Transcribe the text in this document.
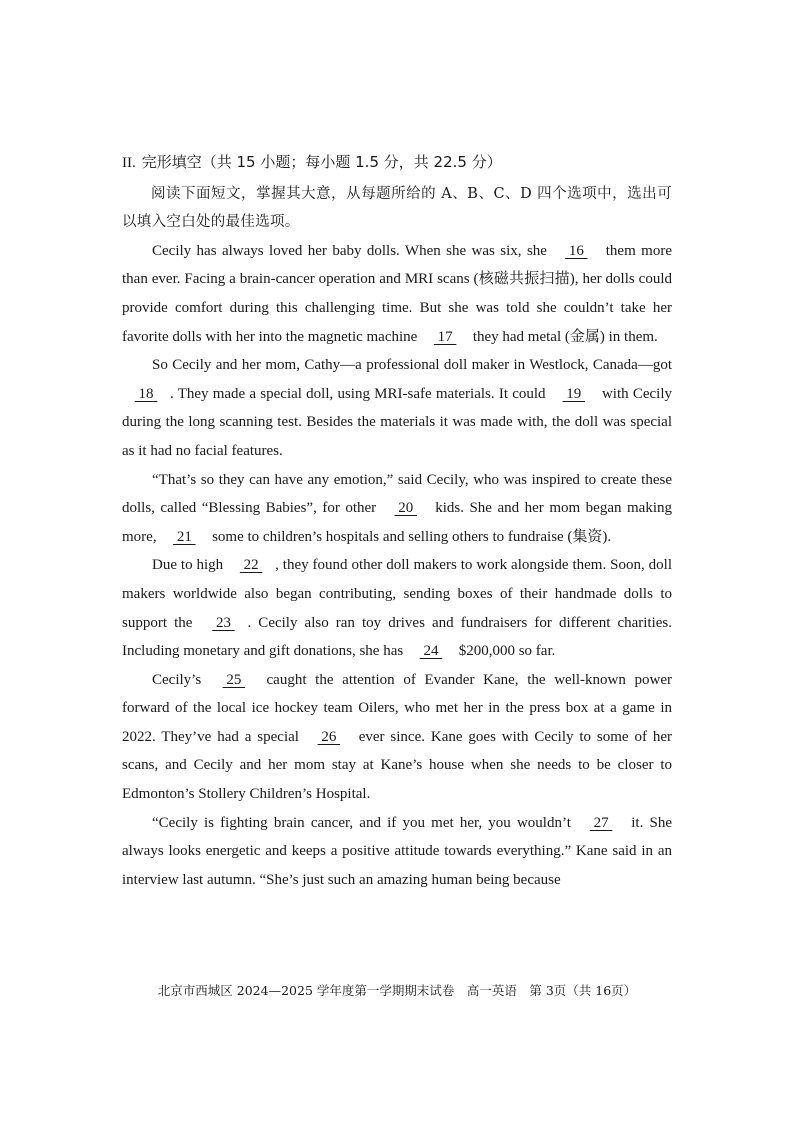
II. 完形填空（共 15 小题；每小题 1.5 分，共 22.5 分）

阅读下面短文，掌握其大意，从每题所给的 A、B、C、D 四个选项中，选出可以填入空白处的最佳选项。

Cecily has always loved her baby dolls. When she was six, she  16  them more than ever. Facing a brain-cancer operation and MRI scans (核磁共振扫描), her dolls could provide comfort during this challenging time. But she was told she couldn’t take her favorite dolls with her into the magnetic machine  17  they had metal (金属) in them.

So Cecily and her mom, Cathy—a professional doll maker in Westlock, Canada—got  18 . They made a special doll, using MRI-safe materials. It could  19  with Cecily during the long scanning test. Besides the materials it was made with, the doll was special as it had no facial features.

“That’s so they can have any emotion,” said Cecily, who was inspired to create these dolls, called “Blessing Babies”, for other  20  kids. She and her mom began making more,  21  some to children’s hospitals and selling others to fundraise (集资).

Due to high  22 , they found other doll makers to work alongside them. Soon, doll makers worldwide also began contributing, sending boxes of their handmade dolls to support the  23 . Cecily also ran toy drives and fundraisers for different charities. Including monetary and gift donations, she has  24  $200,000 so far.

Cecily’s  25  caught the attention of Evander Kane, the well-known power forward of the local ice hockey team Oilers, who met her in the press box at a game in 2022. They’ve had a special  26  ever since. Kane goes with Cecily to some of her scans, and Cecily and her mom stay at Kane’s house when she needs to be closer to Edmonton’s Stollery Children’s Hospital.

“Cecily is fighting brain cancer, and if you met her, you wouldn’t  27  it. She always looks energetic and keeps a positive attitude towards everything.” Kane said in an interview last autumn. “She’s just such an amazing human being because

北京市西城区 2024—2025 学年度第一学期期末试卷　高一英语　第 3页（共 16页）
